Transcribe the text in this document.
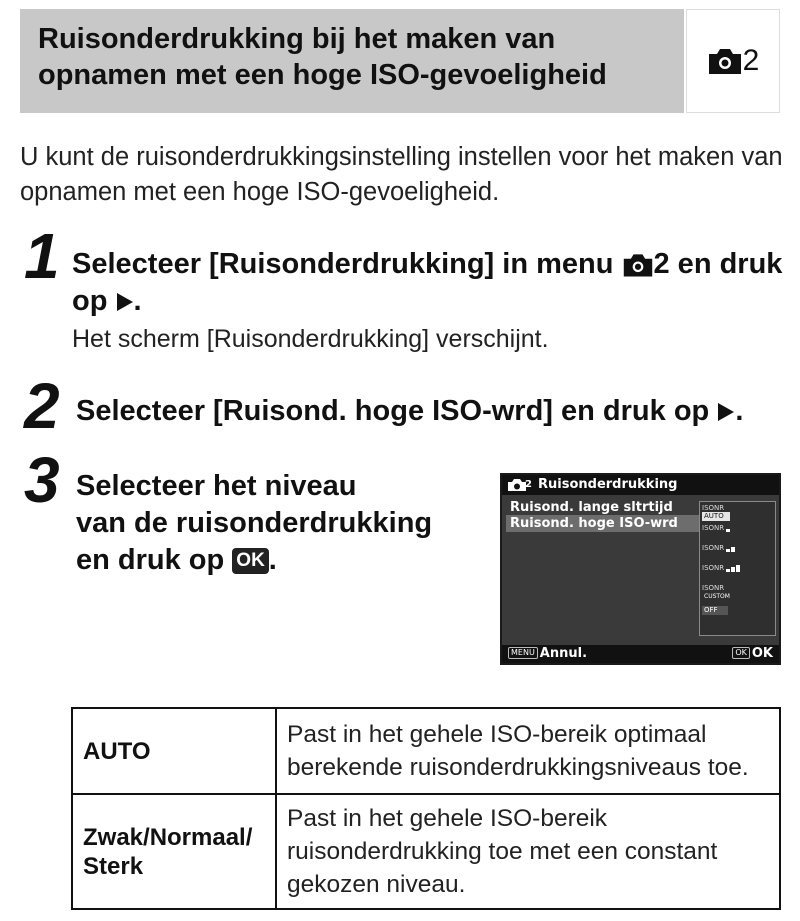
Ruisonderdrukking bij het maken van
opnamen met een hoge ISO-gevoeligheid	2
U kunt de ruisonderdrukkingsinstelling instellen voor het maken van opnamen met een hoge ISO-gevoeligheid.
1 Selecteer [Ruisonderdrukking] in menu 2 en druk
op .
Het scherm [Ruisonderdrukking] verschijnt.
2 Selecteer [Ruisond. hoge ISO-wrd] en druk op .
3 Selecteer het niveau
van de ruisonderdrukking
en druk op OK .
2 Ruisonderdrukking
Ruisond. lange sltrtijd
Ruisond. hoge ISO-wrd
ISONR
AUTO
ISONR
ISONR
ISONR
ISONR
CUSTOM
OFF
MENU Annul.	OK OK
AUTO
Past in het gehele ISO-bereik optimaal berekende ruisonderdrukkingsniveaus toe.
Zwak/Normaal/ Sterk
Past in het gehele ISO-bereik ruisonderdrukking toe met een constant gekozen niveau.
